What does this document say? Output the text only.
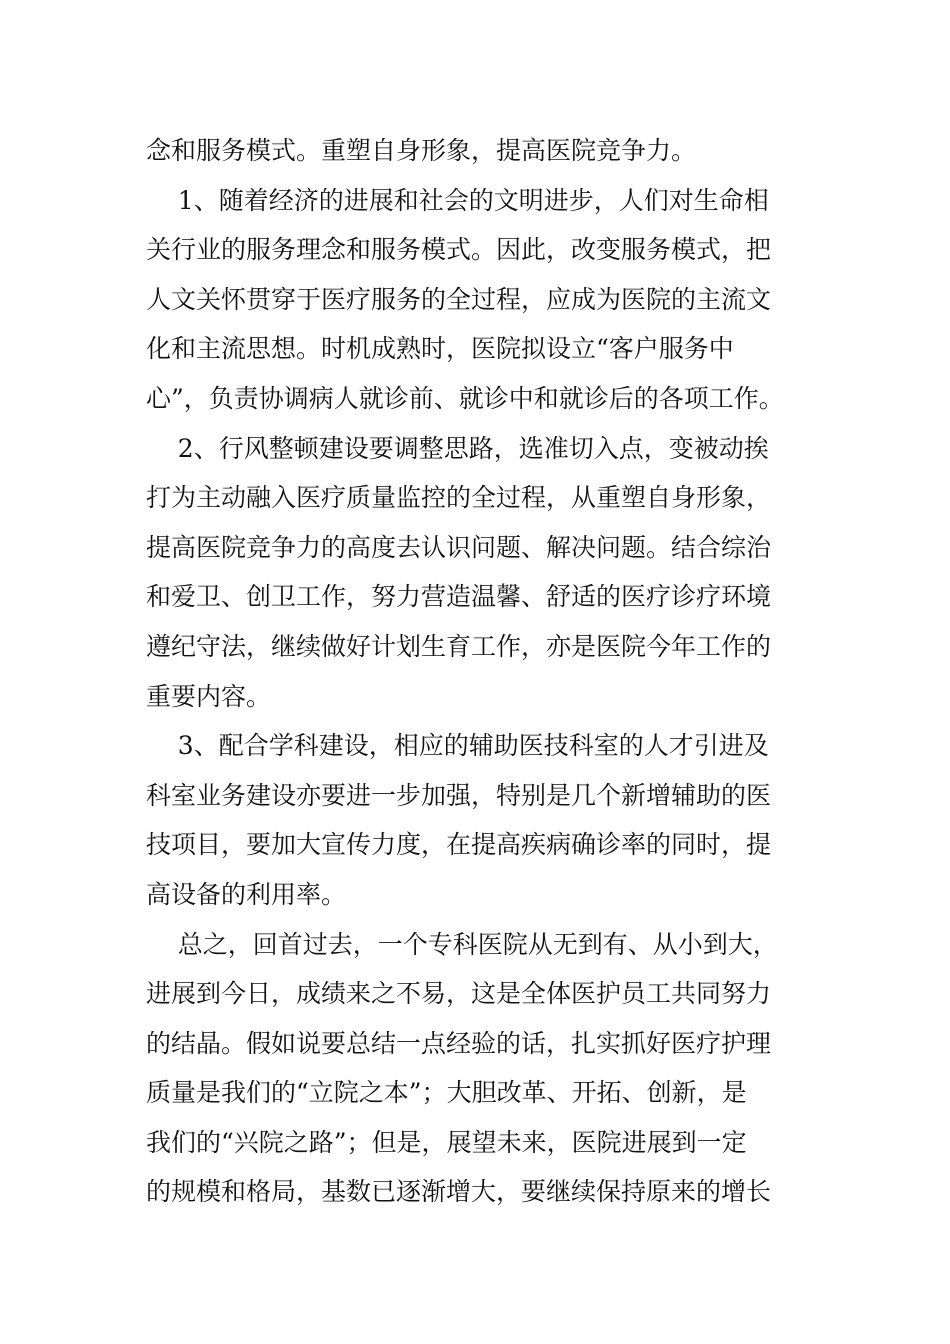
念和服务模式。重塑自身形象，提高医院竞争力。
1、随着经济的进展和社会的文明进步，人们对生命相
关行业的服务理念和服务模式。因此，改变服务模式，把
人文关怀贯穿于医疗服务的全过程，应成为医院的主流文
化和主流思想。时机成熟时，医院拟设立“客户服务中
心”，负责协调病人就诊前、就诊中和就诊后的各项工作。
2、行风整顿建设要调整思路，选准切入点，变被动挨
打为主动融入医疗质量监控的全过程，从重塑自身形象，
提高医院竞争力的高度去认识问题、解决问题。结合综治
和爱卫、创卫工作，努力营造温馨、舒适的医疗诊疗环境
遵纪守法，继续做好计划生育工作，亦是医院今年工作的
重要内容。
3、配合学科建设，相应的辅助医技科室的人才引进及
科室业务建设亦要进一步加强，特别是几个新增辅助的医
技项目，要加大宣传力度，在提高疾病确诊率的同时，提
高设备的利用率。
总之，回首过去，一个专科医院从无到有、从小到大，
进展到今日，成绩来之不易，这是全体医护员工共同努力
的结晶。假如说要总结一点经验的话，扎实抓好医疗护理
质量是我们的“立院之本”；大胆改革、开拓、创新，是
我们的“兴院之路”；但是，展望未来，医院进展到一定
的规模和格局，基数已逐渐增大，要继续保持原来的增长
